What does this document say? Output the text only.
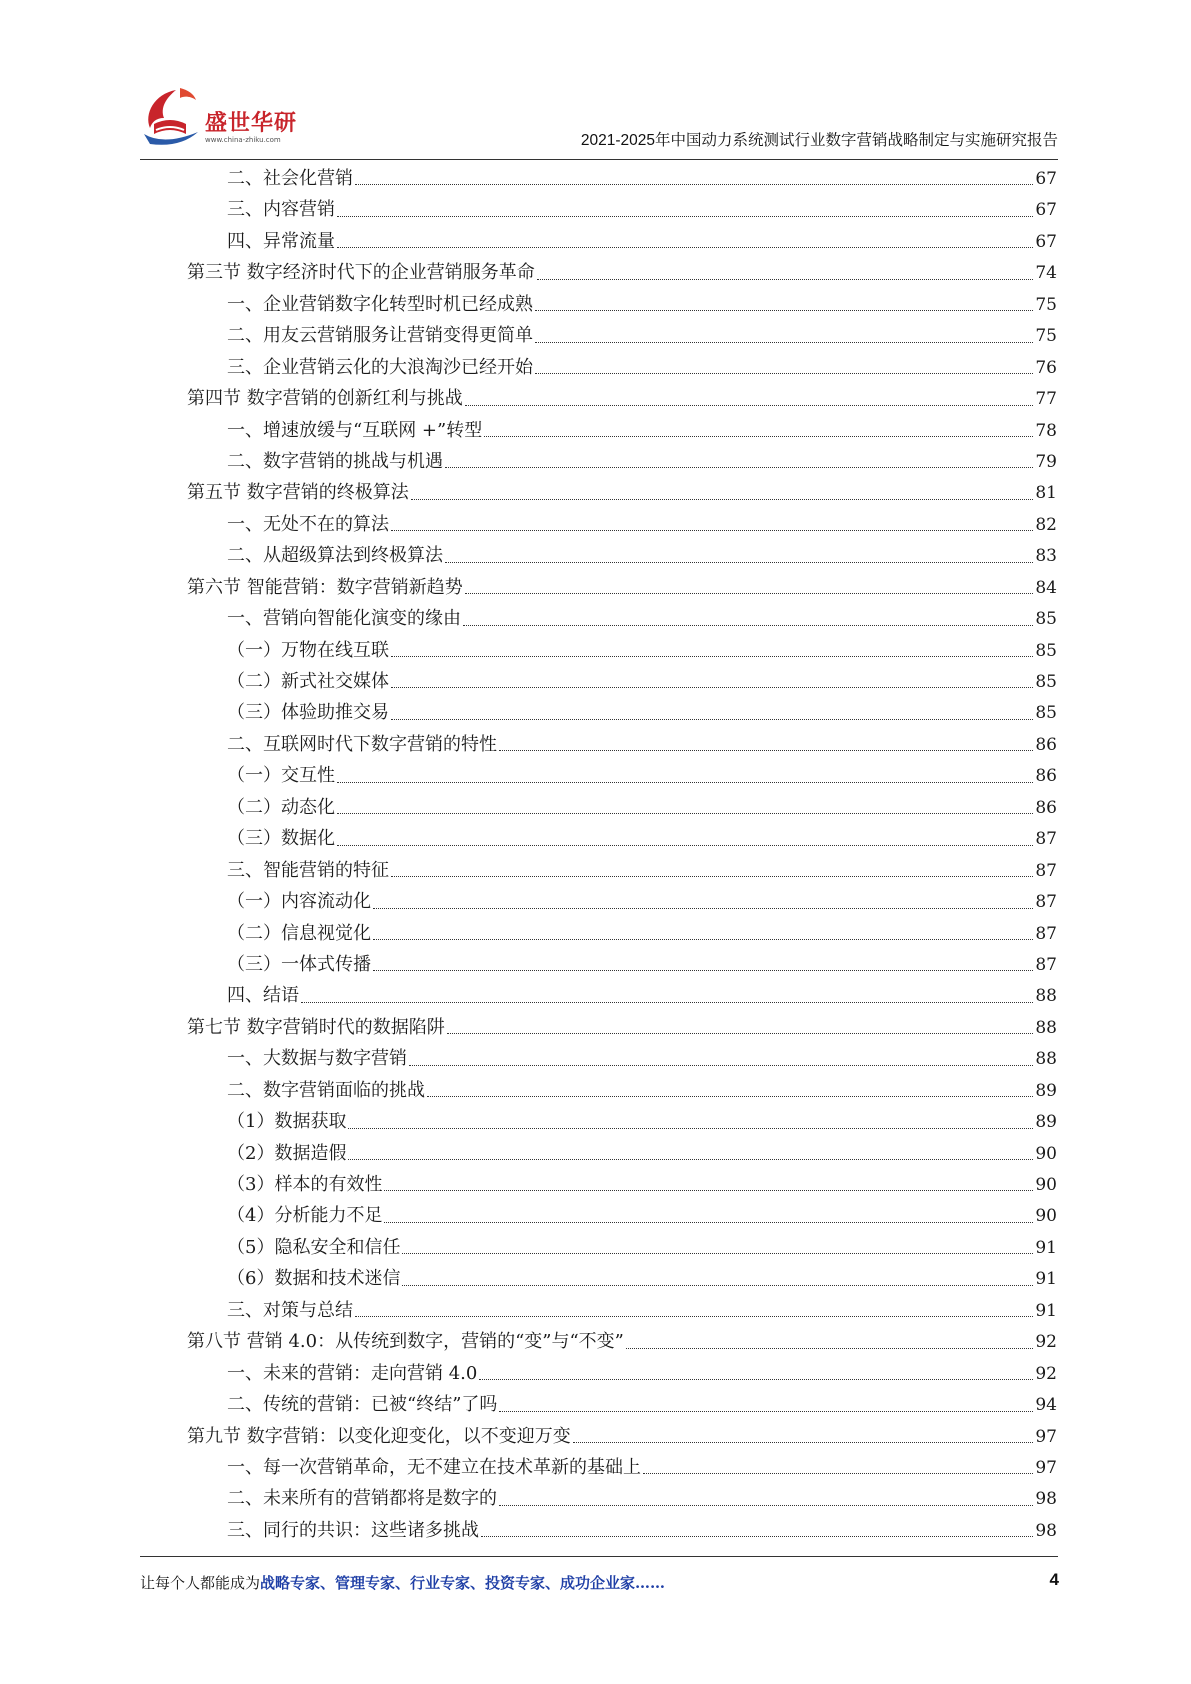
盛世华研
www.china-zhiku.com	2021-2025年中国动力系统测试行业数字营销战略制定与实施研究报告
二、社会化营销	67
三、内容营销	67
四、异常流量	67
第三节 数字经济时代下的企业营销服务革命	74
一、企业营销数字化转型时机已经成熟	75
二、用友云营销服务让营销变得更简单	75
三、企业营销云化的大浪淘沙已经开始	76
第四节 数字营销的创新红利与挑战	77
一、增速放缓与“互联网 +”转型	78
二、数字营销的挑战与机遇	79
第五节 数字营销的终极算法	81
一、无处不在的算法	82
二、从超级算法到终极算法	83
第六节 智能营销：数字营销新趋势	84
一、营销向智能化演变的缘由	85
（一）万物在线互联	85
（二）新式社交媒体	85
（三）体验助推交易	85
二、互联网时代下数字营销的特性	86
（一）交互性	86
（二）动态化	86
（三）数据化	87
三、智能营销的特征	87
（一）内容流动化	87
（二）信息视觉化	87
（三）一体式传播	87
四、结语	88
第七节 数字营销时代的数据陷阱	88
一、大数据与数字营销	88
二、数字营销面临的挑战	89
（1）数据获取	89
（2）数据造假	90
（3）样本的有效性	90
（4）分析能力不足	90
（5）隐私安全和信任	91
（6）数据和技术迷信	91
三、对策与总结	91
第八节 营销 4.0：从传统到数字，营销的“变”与“不变”	92
一、未来的营销：走向营销 4.0	92
二、传统的营销：已被“终结”了吗	94
第九节 数字营销：以变化迎变化，以不变迎万变	97
一、每一次营销革命，无不建立在技术革新的基础上	97
二、未来所有的营销都将是数字的	98
三、同行的共识：这些诸多挑战	98
让每个人都能成为战略专家、管理专家、行业专家、投资专家、成功企业家……	4
